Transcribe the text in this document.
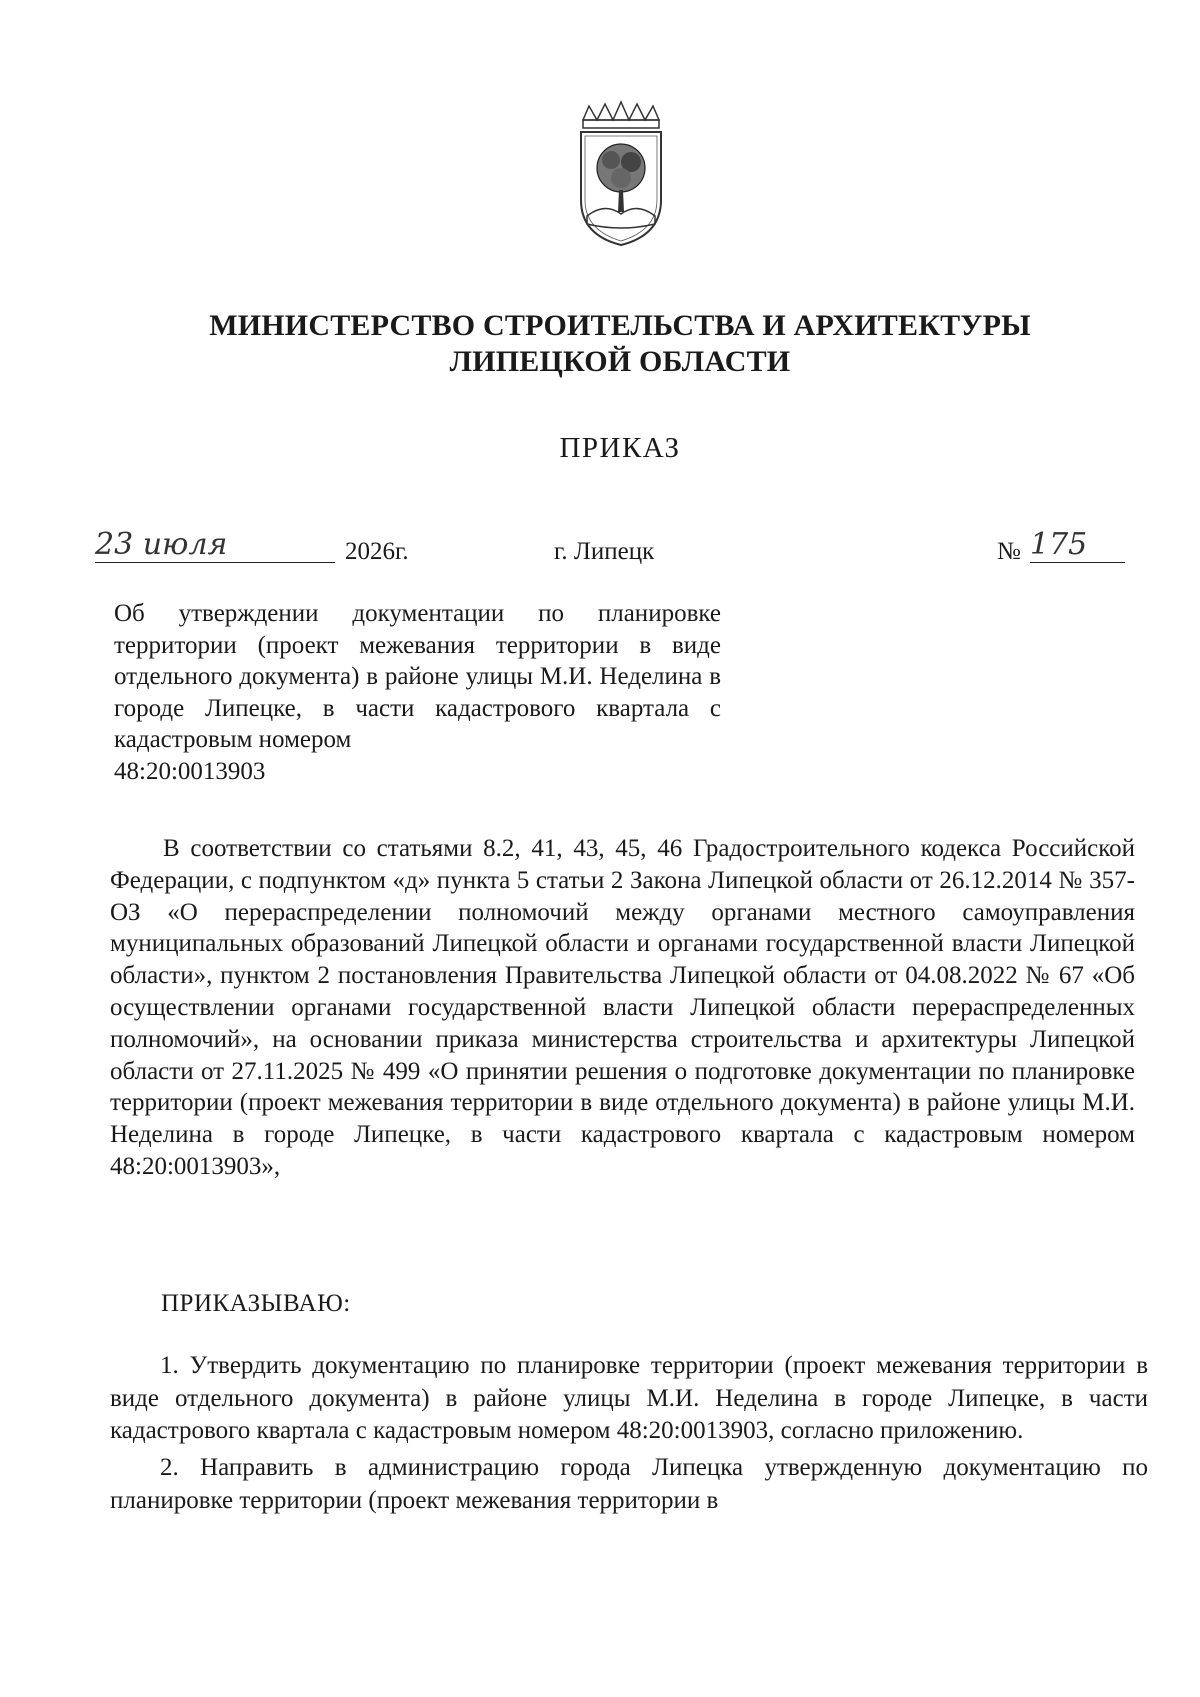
МИНИСТЕРСТВО СТРОИТЕЛЬСТВА И АРХИТЕКТУРЫ
ЛИПЕЦКОЙ ОБЛАСТИ
ПРИКАЗ
23 июля	2026г.	г. Липецк	№ 175
Об утверждении документации по планировке территории (проект межевания территории в виде отдельного документа) в районе улицы М.И. Неделина в городе Липецке, в части кадастрового квартала с кадастровым номером
48:20:0013903

В соответствии со статьями 8.2, 41, 43, 45, 46 Градостроительного кодекса Российской Федерации, с подпунктом «д» пункта 5 статьи 2 Закона Липецкой области от 26.12.2014 № 357-ОЗ «О перераспределении полномочий между органами местного самоуправления муниципальных образований Липецкой области и органами государственной власти Липецкой области», пунктом 2 постановления Правительства Липецкой области от 04.08.2022 № 67 «Об осуществлении органами государственной власти Липецкой области перераспределенных полномочий», на основании приказа министерства строительства и архитектуры Липецкой области от 27.11.2025 № 499 «О принятии решения о подготовке документации по планировке территории (проект межевания территории в виде отдельного документа) в районе улицы М.И. Неделина в городе Липецке, в части кадастрового квартала с кадастровым номером 48:20:0013903»,

ПРИКАЗЫВАЮ:

1. Утвердить документацию по планировке территории (проект межевания территории в виде отдельного документа) в районе улицы М.И. Неделина в городе Липецке, в части кадастрового квартала с кадастровым номером 48:20:0013903, согласно приложению.

2. Направить в администрацию города Липецка утвержденную документацию по планировке территории (проект межевания территории в
